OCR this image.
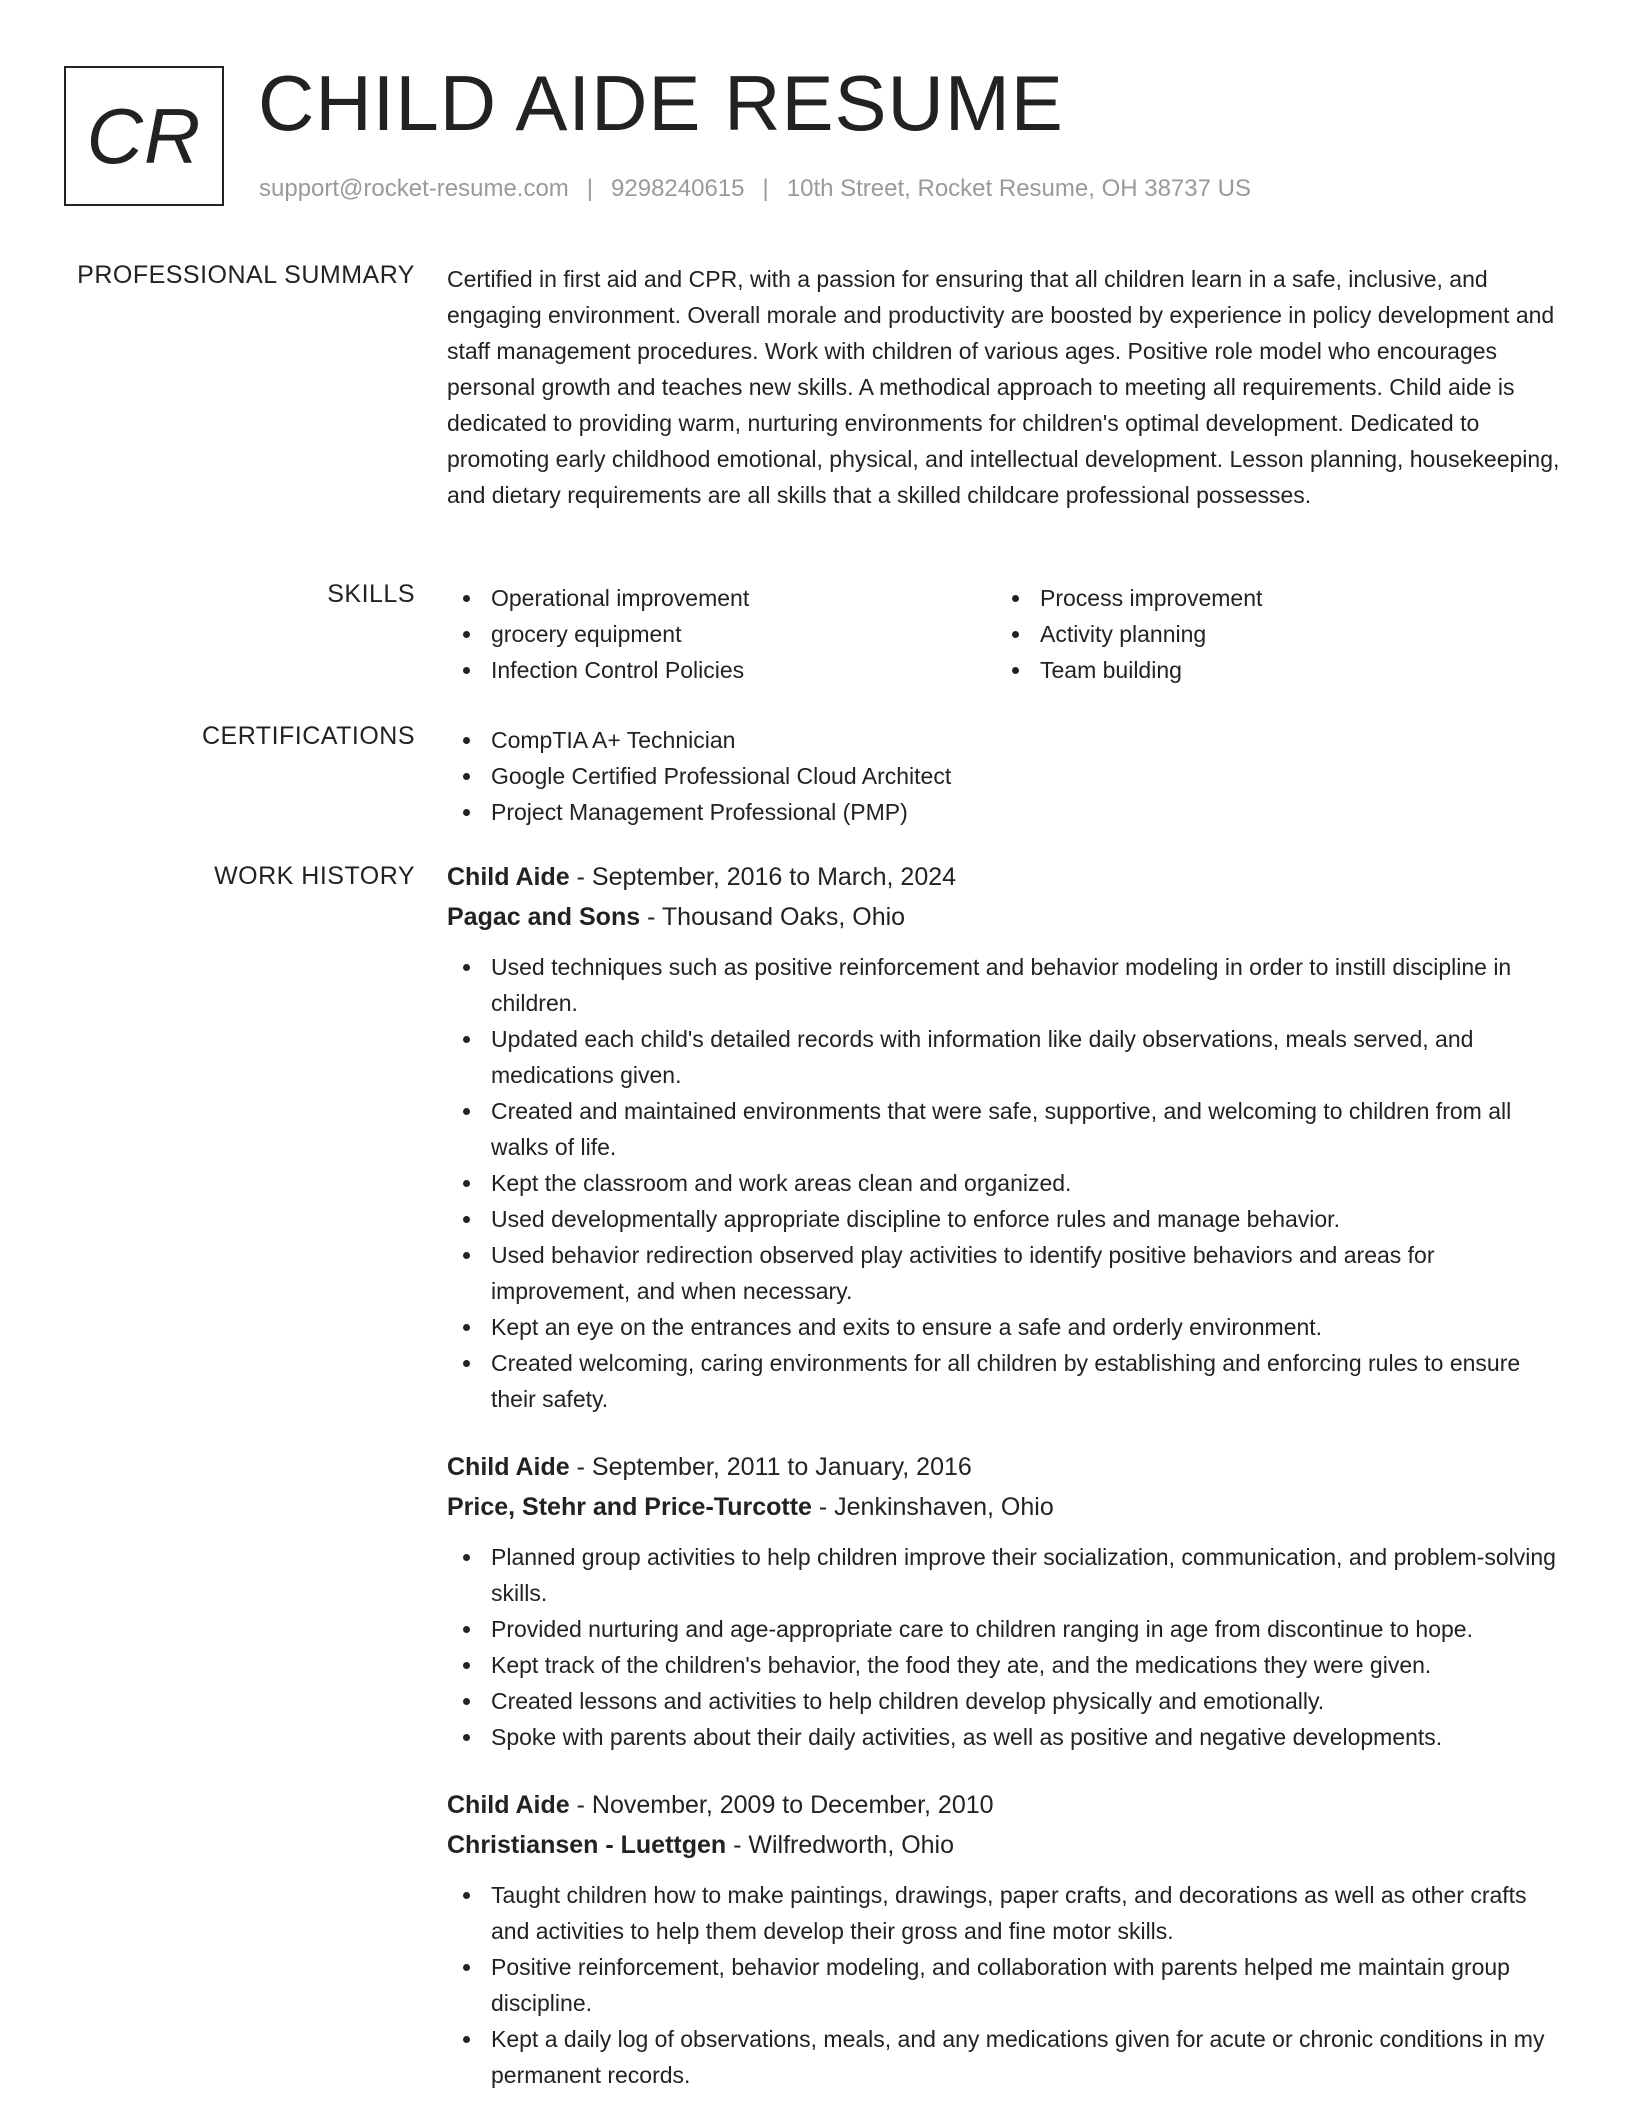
CR CHILD AIDE RESUME
support@rocket-resume.com | 9298240615 | 10th Street, Rocket Resume, OH 38737 US
PROFESSIONAL SUMMARY Certified in first aid and CPR, with a passion for ensuring that all children learn in a safe, inclusive, and engaging environment. Overall morale and productivity are boosted by experience in policy development and staff management procedures. Work with children of various ages. Positive role model who encourages personal growth and teaches new skills. A methodical approach to meeting all requirements. Child aide is dedicated to providing warm, nurturing environments for children's optimal development. Dedicated to promoting early childhood emotional, physical, and intellectual development. Lesson planning, housekeeping, and dietary requirements are all skills that a skilled childcare professional possesses.

SKILLS	Operational improvement
grocery equipment
Infection Control Policies
Process improvement
Activity planning
Team building
CERTIFICATIONS	CompTIA A+ Technician
Google Certified Professional Cloud Architect
Project Management Professional (PMP)
WORK HISTORY Child Aide - September, 2016 to March, 2024
Pagac and Sons - Thousand Oaks, Ohio
Used techniques such as positive reinforcement and behavior modeling in order to instill discipline in children.
Updated each child's detailed records with information like daily observations, meals served, and medications given.
Created and maintained environments that were safe, supportive, and welcoming to children from all walks of life.
Kept the classroom and work areas clean and organized.
Used developmentally appropriate discipline to enforce rules and manage behavior.
Used behavior redirection observed play activities to identify positive behaviors and areas for improvement, and when necessary.
Kept an eye on the entrances and exits to ensure a safe and orderly environment.
Created welcoming, caring environments for all children by establishing and enforcing rules to ensure their safety.
Child Aide - September, 2011 to January, 2016
Price, Stehr and Price-Turcotte - Jenkinshaven, Ohio
Planned group activities to help children improve their socialization, communication, and problem-solving skills.
Provided nurturing and age-appropriate care to children ranging in age from discontinue to hope.
Kept track of the children's behavior, the food they ate, and the medications they were given.
Created lessons and activities to help children develop physically and emotionally.
Spoke with parents about their daily activities, as well as positive and negative developments.
Child Aide - November, 2009 to December, 2010
Christiansen - Luettgen - Wilfredworth, Ohio
Taught children how to make paintings, drawings, paper crafts, and decorations as well as other crafts and activities to help them develop their gross and fine motor skills.
Positive reinforcement, behavior modeling, and collaboration with parents helped me maintain group discipline.
Kept a daily log of observations, meals, and any medications given for acute or chronic conditions in my permanent records.
